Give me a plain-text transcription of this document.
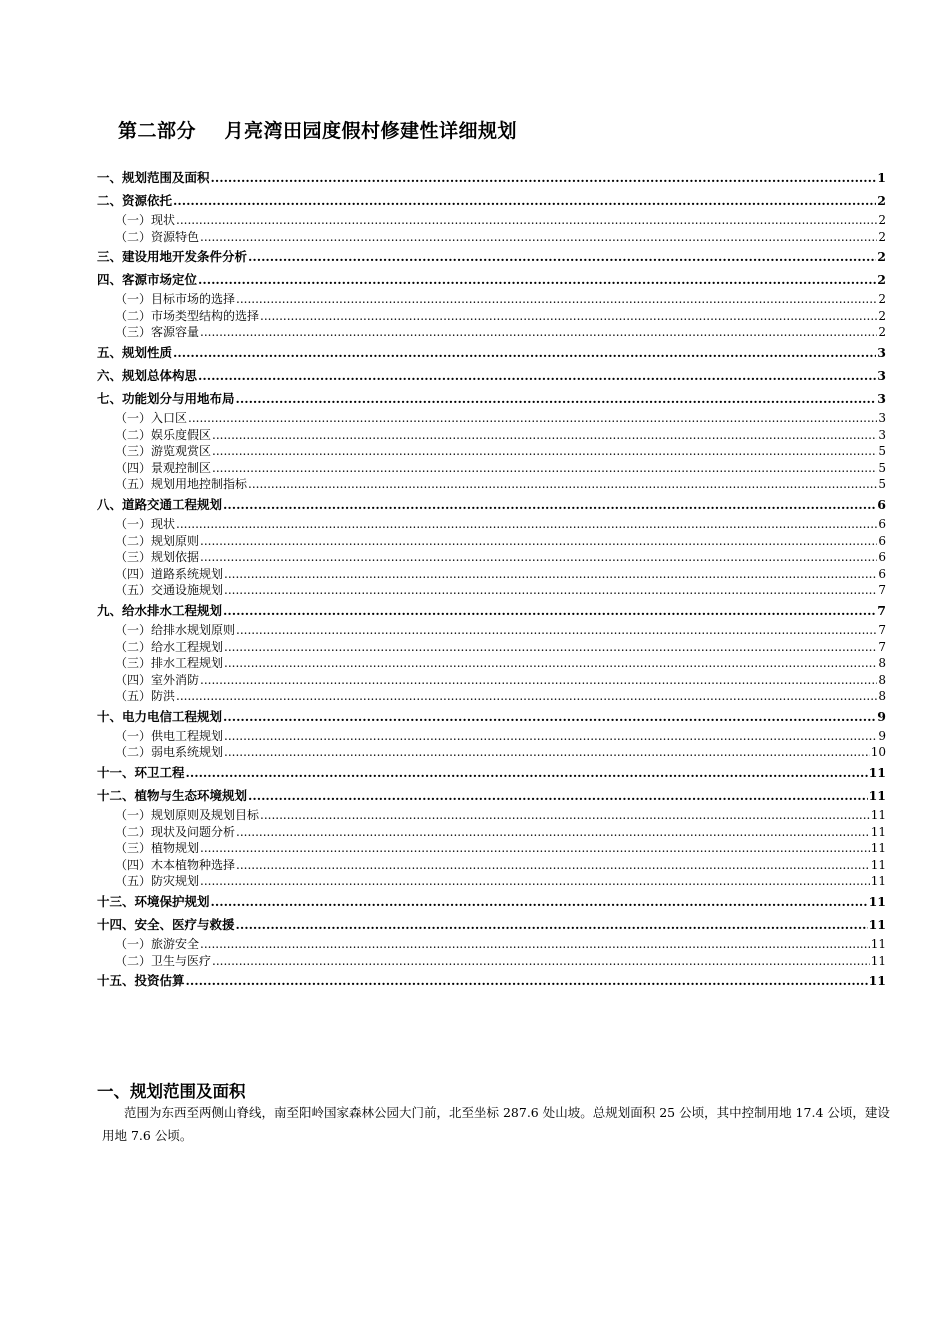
第二部分    月亮湾田园度假村修建性详细规划
一、规划范围及面积 .....	1
二、资源依托 .....	2
（一）现状 .....	2
（二）资源特色 .....	2
三、建设用地开发条件分析 .....	2
四、客源市场定位 .....	2
（一）目标市场的选择 .....	2
（二）市场类型结构的选择 .....	2
（三）客源容量 .....	2
五、规划性质 .....	3
六、规划总体构思 .....	3
七、功能划分与用地布局 .....	3
（一）入口区 .....	3
（二）娱乐度假区 .....	3
（三）游览观赏区 .....	5
（四）景观控制区 .....	5
（五）规划用地控制指标 .....	5
八、道路交通工程规划 .....	6
（一）现状 .....	6
（二）规划原则 .....	6
（三）规划依据 .....	6
（四）道路系统规划 .....	6
（五）交通设施规划 .....	7
九、给水排水工程规划 .....	7
（一）给排水规划原则 .....	7
（二）给水工程规划 .....	7
（三）排水工程规划 .....	8
（四）室外消防 .....	8
（五）防洪 .....	8
十、电力电信工程规划 .....	9
（一）供电工程规划 .....	9
（二）弱电系统规划 .....	10
十一、环卫工程 .....	11
十二、植物与生态环境规划 .....	11
（一）规划原则及规划目标 .....	11
（二）现状及问题分析 .....	11
（三）植物规划 .....	11
（四）木本植物种选择 .....	11
（五）防灾规划 .....	11
十三、环境保护规划 .....	11
十四、安全、医疗与救援 .....	11
（一）旅游安全 .....	11
（二）卫生与医疗 .....	11
十五、投资估算 .....	11
一、规划范围及面积
范围为东西至两侧山脊线，南至阳岭国家森林公园大门前，北至坐标 287.6 处山坡。总规划面积 25 公顷，其中控制用地 17.4 公顷，建设用地 7.6 公顷。
